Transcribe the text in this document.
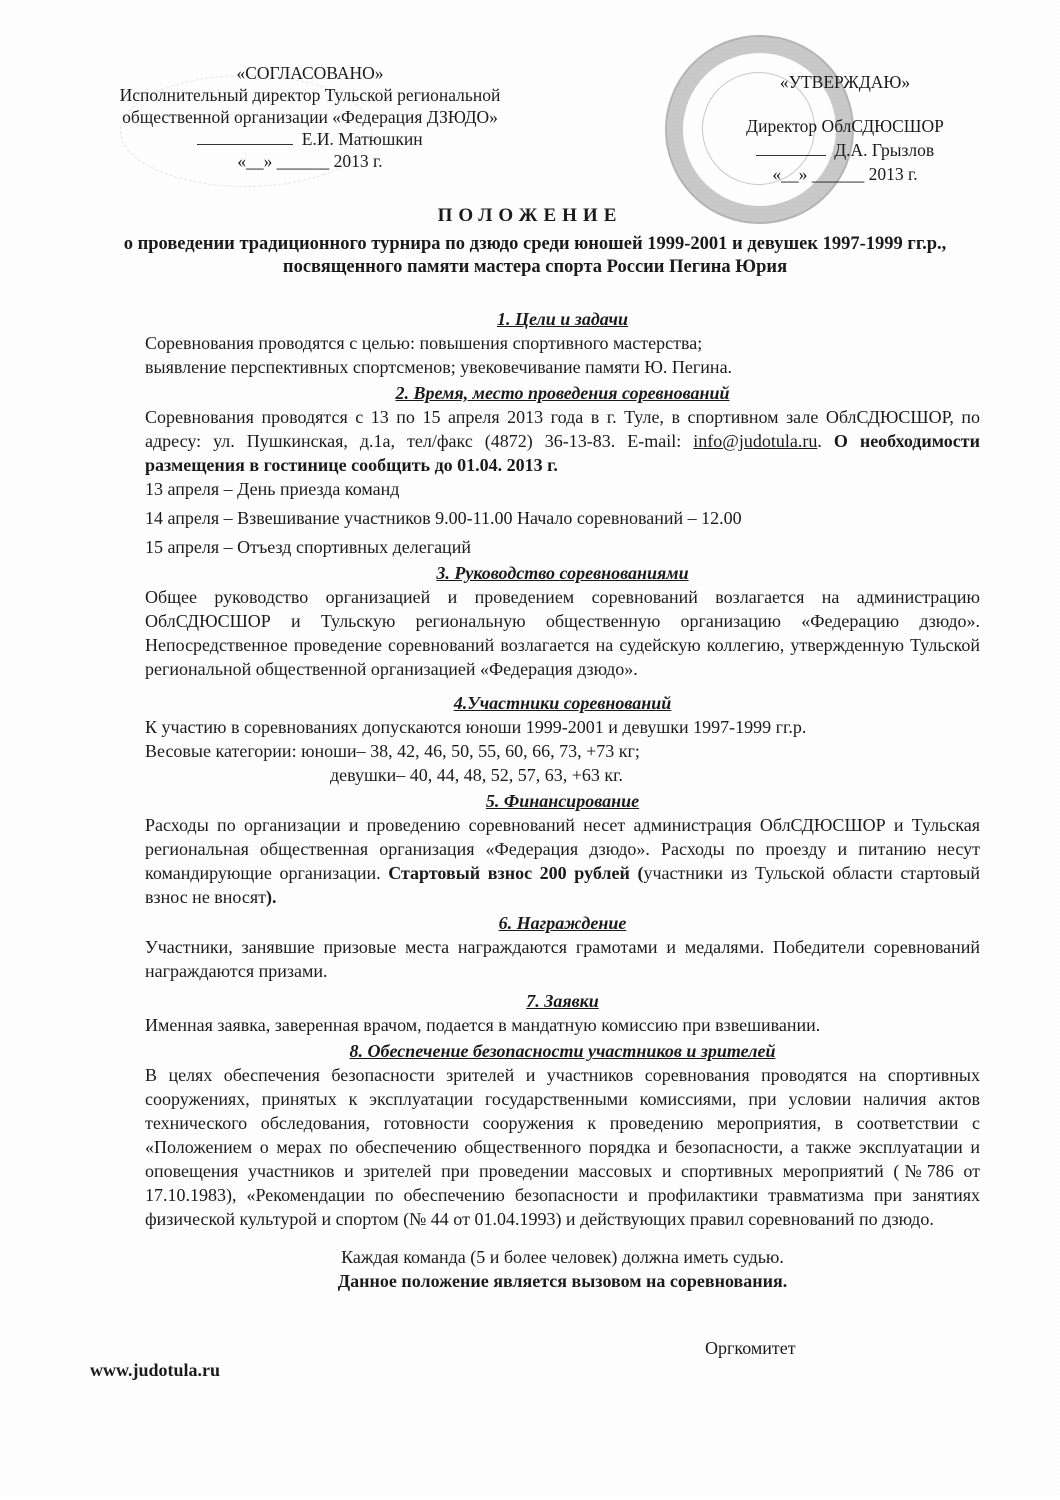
«СОГЛАСОВАНО»
Исполнительный директор Тульской региональной
общественной организации «Федерация ДЗЮДО»
Е.И. Матюшкин
«__» ______ 2013 г.
«УТВЕРЖДАЮ»
Директор ОблСДЮСШОР
Д.А. Грызлов
«__» ______ 2013 г.
ПОЛОЖЕНИЕ
о проведении традиционного турнира по дзюдо среди юношей 1999-2001 и девушек 1997-1999 гг.р., посвященного памяти мастера спорта России Пегина Юрия
1. Цели и задачи

Соревнования проводятся с целью: повышения спортивного мастерства;

выявление перспективных спортсменов; увековечивание памяти Ю. Пегина.

2. Время, место проведения соревнований

Соревнования проводятся с 13 по 15 апреля 2013 года в г. Туле, в спортивном зале ОблСДЮСШОР, по адресу: ул. Пушкинская, д.1а, тел/факс (4872) 36-13-83. E-mail: info@judotula.ru. О необходимости размещения в гостинице сообщить до 01.04. 2013 г.

13 апреля – День приезда команд

14 апреля – Взвешивание участников 9.00-11.00 Начало соревнований – 12.00

15 апреля – Отъезд спортивных делегаций

3. Руководство соревнованиями

Общее руководство организацией и проведением соревнований возлагается на администрацию ОблСДЮСШОР и Тульскую региональную общественную организацию «Федерацию дзюдо». Непосредственное проведение соревнований возлагается на судейскую коллегию, утвержденную Тульской региональной общественной организацией «Федерация дзюдо».

4.Участники соревнований

К участию в соревнованиях допускаются юноши 1999-2001 и девушки 1997-1999 гг.р.

Весовые категории: юноши– 38, 42, 46, 50, 55, 60, 66, 73, +73 кг;

девушки– 40, 44, 48, 52, 57, 63, +63 кг.

5. Финансирование

Расходы по организации и проведению соревнований несет администрация ОблСДЮСШОР и Тульская региональная общественная организация «Федерация дзюдо». Расходы по проезду и питанию несут командирующие организации. Стартовый взнос 200 рублей (участники из Тульской области стартовый взнос не вносят).

6. Награждение

Участники, занявшие призовые места награждаются грамотами и медалями. Победители соревнований награждаются призами.

7. Заявки

Именная заявка, заверенная врачом, подается в мандатную комиссию при взвешивании.

8. Обеспечение безопасности участников и зрителей

В целях обеспечения безопасности зрителей и участников соревнования проводятся на спортивных сооружениях, принятых к эксплуатации государственными комиссиями, при условии наличия актов технического обследования, готовности сооружения к проведению мероприятия, в соответствии с «Положением о мерах по обеспечению общественного порядка и безопасности, а также эксплуатации и оповещения участников и зрителей при проведении массовых и спортивных мероприятий (№786 от 17.10.1983), «Рекомендации по обеспечению безопасности и профилактики травматизма при занятиях физической культурой и спортом (№ 44 от 01.04.1993) и действующих правил соревнований по дзюдо.

Каждая команда (5 и более человек) должна иметь судью.

Данное положение является вызовом на соревнования.

Оргкомитет
www.judotula.ru
